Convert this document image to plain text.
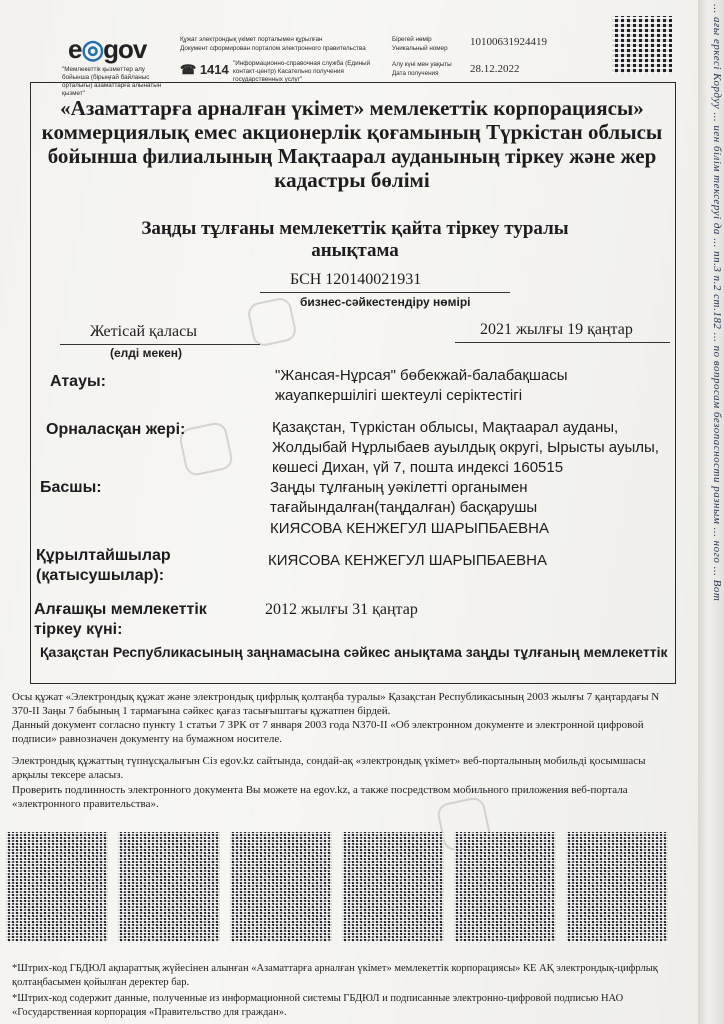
e◎gov
"Мемлекеттік қызметтер алу бойынша (бірыңғай байланыс орталығы) азаматтарға алынатын қызмет"
☎ 1414 "Информационно-справочная служба (Единый контакт-центр) Касательно получения государственных услуг"
Құжат электрондық үкімет порталымен құрылған
Документ сформирован порталом электронного правительства
Бірегей нөмір
Уникальный номер
10100631924419
Алу күні мен уақыты
Дата получения	28.12.2022
«Азаматтарға арналған үкімет» мемлекеттік корпорациясы» коммерциялық емес акционерлік қоғамының Түркістан облысы бойынша филиалының Мақтаарал ауданының тіркеу және жер кадастры бөлімі
Заңды тұлғаны мемлекеттік қайта тіркеу туралы анықтама
БСН 120140021931
бизнес-сәйкестендіру нөмірі
Жетісай қаласы
(елді мекен)
2021 жылғы 19 қаңтар
Атауы:	"Жансая-Нұрсая" бөбекжай-балабақшасы жауапкершілігі шектеулі серіктестігі
Орналасқан жері:	Қазақстан, Түркістан облысы, Мақтаарал ауданы, Жолдыбай Нұрлыбаев ауылдық округі, Ырысты ауылы, көшесі Дихан, үй 7, пошта индексі 160515
Басшы:	Заңды тұлғаның уәкілетті органымен тағайындалған(таңдалған) басқарушы
КИЯСОВА КЕНЖЕГУЛ ШАРЫПБАЕВНА
Құрылтайшылар
(қатысушылар):
КИЯСОВА КЕНЖЕГУЛ ШАРЫПБАЕВНА
Алғашқы мемлекеттік
тіркеу күні:
2012 жылғы 31 қаңтар
Қазақстан Республикасының заңнамасына сәйкес анықтама заңды тұлғаның мемлекеттік
Осы құжат «Электрондық құжат және электрондық цифрлық қолтаңба туралы» Қазақстан Республикасының 2003 жылғы 7 қаңтардағы N 370-II Заңы 7 бабының 1 тармағына сәйкес қағаз тасығыштағы құжатпен бірдей.
Данный документ согласно пункту 1 статьи 7 ЗРК от 7 января 2003 года N370-II «Об электронном документе и электронной цифровой подписи» равнозначен документу на бумажном носителе.
Электрондық құжаттың түпнұсқалығын Сіз egov.kz сайтында, сондай-ақ «электрондық үкімет» веб-порталының мобильді қосымшасы арқылы тексере аласыз.
Проверить подлинность электронного документа Вы можете на egov.kz, а также посредством мобильного приложения веб-портала «электронного правительства».
*Штрих-код ГБДЮЛ ақпараттық жүйесінен алынған «Азаматтарға арналған үкімет» мемлекеттік корпорациясы» КЕ АҚ электрондық-цифрлық қолтаңбасымен қойылған деректер бар.
*Штрих-код содержит данные, полученные из информационной системы ГБДЮЛ и подписанные электронно-цифровой подписью НАО «Государственная корпорация «Правительство для граждан».
... ағы еркесі Кордуу ... иен білім тексеруі да ... пп.3 п.2 ст.182 ... по вопросам безопасности разным ... ного ... Вот
